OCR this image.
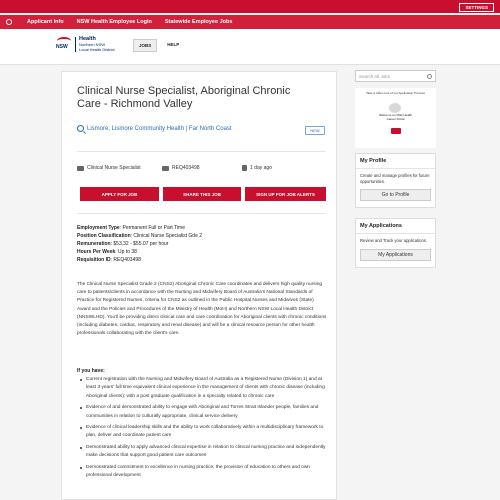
SETTINGS
Applicant Info NSW Health Employee Login Statewide Employee Jobs
NSW
Health
Northern NSW
Local Health District
JOBS	HELP
Clinical Nurse Specialist, Aboriginal Chronic Care - Richmond Valley
Lismore, Lismore Community Health | Far North Coast	NEW
Clinical Nurse Specialist	REQ403498	1 day ago
APPLY FOR JOB	SHARE THIS JOB	SIGN UP FOR JOB ALERTS
Employment Type: Permanent Full or Part Time
Position Classification: Clinical Nurse Specialist Gde 2
Remuneration: $53.32 - $55.07 per hour
Hours Per Week: Up to 38
Requisition ID: REQ403498
The Clinical Nurse Specialist Grade 2 (CNS2) Aboriginal Chronic Care coordinates and delivers high quality nursing care to patients/clients in accordance with the Nursing and Midwifery Board of Australia's National Standards of Practice for Registered Nurses, criteria for CNS2 as outlined in the Public Hospital Nurses and Midwives (State) Award and the Policies and Procedures of the Ministry of Health (MoH) and Northern NSW Local Health District (NNSWLHD). You'll be providing direct clinical care and care coordination for Aboriginal clients with chronic conditions (including diabetes, cardiac, respiratory and renal disease) and will be a clinical resource person for other health professionals collaborating with the client's care.
If you have:
Current registration with the Nursing and Midwifery Board of Australia as a Registered Nurse (Division 1) and at least 3 years' full time equivalent clinical experience in the management of clients with chronic disease (including Aboriginal clients); with a post graduate qualification in a specialty related to chronic care
Evidence of and demonstrated ability to engage with Aboriginal and Torres Strait Islander people, families and communities in relation to culturally appropriate, clinical service delivery
Evidence of clinical leadership skills and the ability to work collaboratively within a multidisciplinary framework to plan, deliver and coordinate patient care
Demonstrated ability to apply advanced clinical expertise in relation to clinical nursing practice and independently make decisions that support good patient care outcomes
Demonstrated commitment to excellence in nursing practice, the provision of education to others and own professional development
Search All Jobs
Take a Video tour of our Application Process
Welcome to NSW Health Career Portal
My Profile
Create and manage profiles for future opportunities.
Go to Profile
My Applications
Review and Track your applications.
My Applications
